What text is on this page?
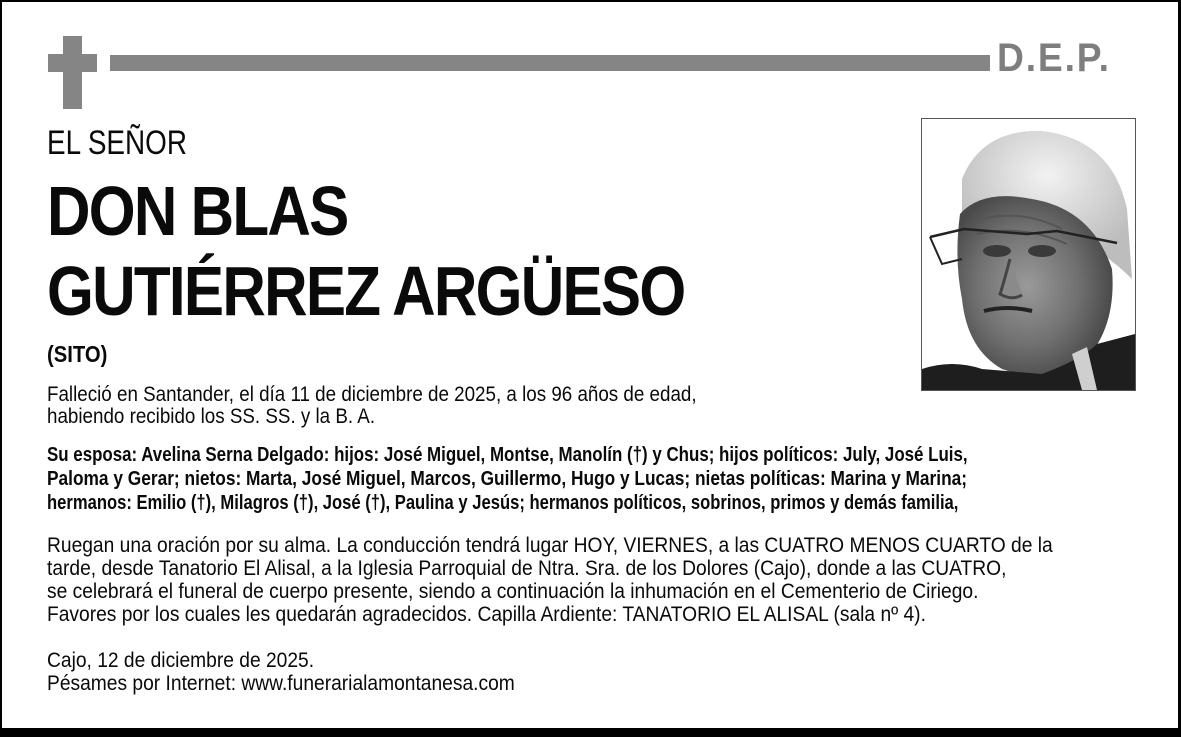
D.E.P.
EL SEÑOR
DON BLAS
GUTIÉRREZ ARGÜESO
(SITO)
Falleció en Santander, el día 11 de diciembre de 2025, a los 96 años de edad,
habiendo recibido los SS. SS. y la B. A.
Su esposa: Avelina Serna Delgado: hijos: José Miguel, Montse, Manolín (†) y Chus; hijos políticos: July, José Luis,
Paloma y Gerar; nietos: Marta, José Miguel, Marcos, Guillermo, Hugo y Lucas; nietas políticas: Marina y Marina;
hermanos: Emilio (†), Milagros (†), José (†), Paulina y Jesús; hermanos políticos, sobrinos, primos y demás familia,
Ruegan una oración por su alma. La conducción tendrá lugar HOY, VIERNES, a las CUATRO MENOS CUARTO de la
tarde, desde Tanatorio El Alisal, a la Iglesia Parroquial de Ntra. Sra. de los Dolores (Cajo), donde a las CUATRO,
se celebrará el funeral de cuerpo presente, siendo a continuación la inhumación en el Cementerio de Ciriego.
Favores por los cuales les quedarán agradecidos. Capilla Ardiente: TANATORIO EL ALISAL (sala nº 4).
Cajo, 12 de diciembre de 2025.
Pésames por Internet: www.funerarialamontanesa.com
